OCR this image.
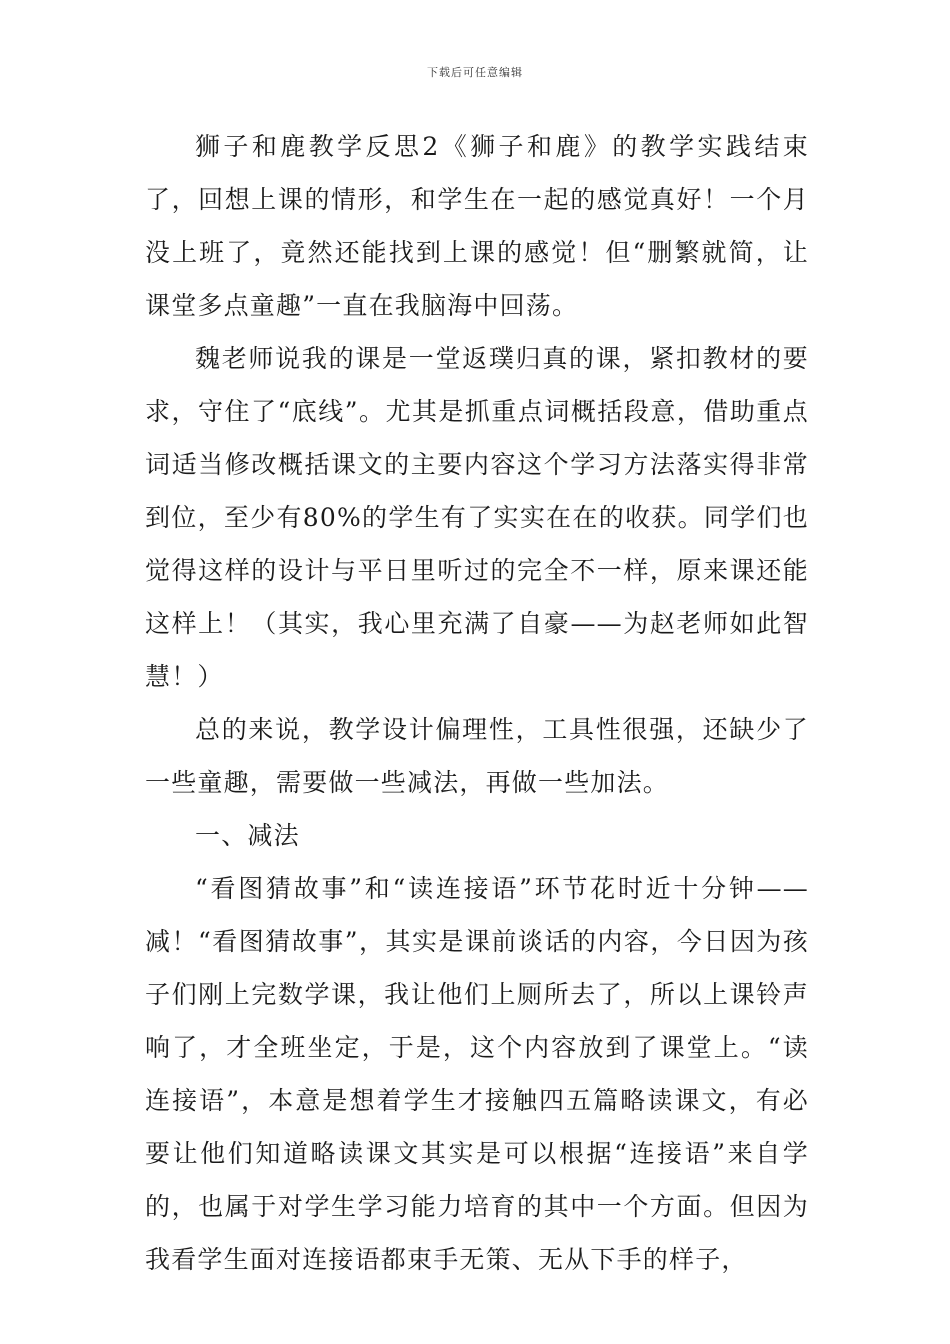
下载后可任意编辑

狮子和鹿教学反思2《狮子和鹿》的教学实践结束了，回想上课的情形，和学生在一起的感觉真好！一个月没上班了，竟然还能找到上课的感觉！但“删繁就简，让课堂多点童趣”一直在我脑海中回荡。

魏老师说我的课是一堂返璞归真的课，紧扣教材的要求，守住了“底线”。尤其是抓重点词概括段意，借助重点词适当修改概括课文的主要内容这个学习方法落实得非常到位，至少有80%的学生有了实实在在的收获。同学们也觉得这样的设计与平日里听过的完全不一样，原来课还能这样上！（其实，我心里充满了自豪——为赵老师如此智慧！）

总的来说，教学设计偏理性，工具性很强，还缺少了一些童趣，需要做一些减法，再做一些加法。

一、减法

“看图猜故事”和“读连接语”环节花时近十分钟——减！“看图猜故事”，其实是课前谈话的内容，今日因为孩子们刚上完数学课，我让他们上厕所去了，所以上课铃声响了，才全班坐定，于是，这个内容放到了课堂上。“读连接语”，本意是想着学生才接触四五篇略读课文，有必要让他们知道略读课文其实是可以根据“连接语”来自学的，也属于对学生学习能力培育的其中一个方面。但因为我看学生面对连接语都束手无策、无从下手的样子，
